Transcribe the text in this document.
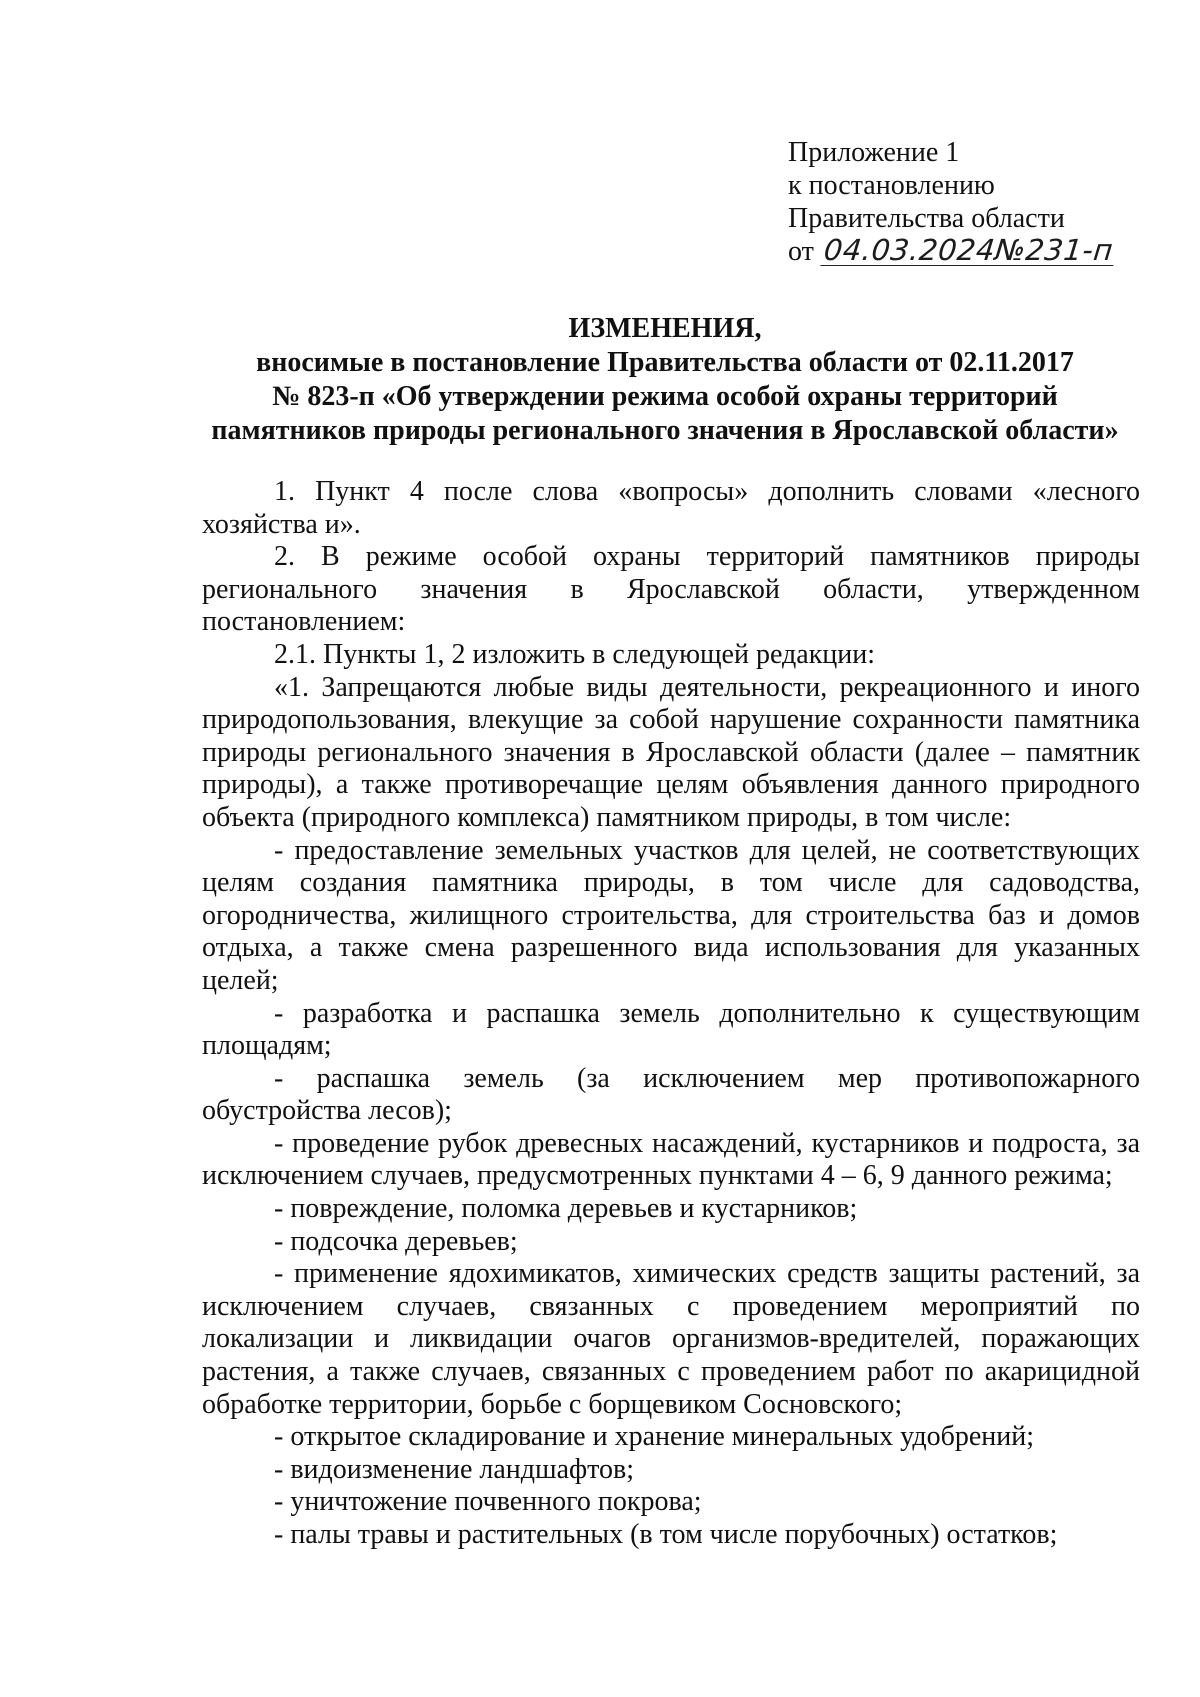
Приложение 1
к постановлению
Правительства области
от 04.03.2024№231-п
ИЗМЕНЕНИЯ,
вносимые в постановление Правительства области от 02.11.2017
№ 823-п «Об утверждении режима особой охраны территорий
памятников природы регионального значения в Ярославской области»

1. Пункт 4 после слова «вопросы» дополнить словами «лесного хозяйства и».

2. В режиме особой охраны территорий памятников природы регионального значения в Ярославской области, утвержденном постановлением:

2.1. Пункты 1, 2 изложить в следующей редакции:

«1. Запрещаются любые виды деятельности, рекреационного и иного природопользования, влекущие за собой нарушение сохранности памятника природы регионального значения в Ярославской области (далее – памятник природы), а также противоречащие целям объявления данного природного объекта (природного комплекса) памятником природы, в том числе:

- предоставление земельных участков для целей, не соответствующих целям создания памятника природы, в том числе для садоводства, огородничества, жилищного строительства, для строительства баз и домов отдыха, а также смена разрешенного вида использования для указанных целей;

- разработка и распашка земель дополнительно к существующим площадям;

- распашка земель (за исключением мер противопожарного обустройства лесов);

- проведение рубок древесных насаждений, кустарников и подроста, за исключением случаев, предусмотренных пунктами 4 – 6, 9 данного режима;

- повреждение, поломка деревьев и кустарников;

- подсочка деревьев;

- применение ядохимикатов, химических средств защиты растений, за исключением случаев, связанных с проведением мероприятий по локализации и ликвидации очагов организмов-вредителей, поражающих растения, а также случаев, связанных с проведением работ по акарицидной обработке территории, борьбе с борщевиком Сосновского;

- открытое складирование и хранение минеральных удобрений;

- видоизменение ландшафтов;

- уничтожение почвенного покрова;

- палы травы и растительных (в том числе порубочных) остатков;
